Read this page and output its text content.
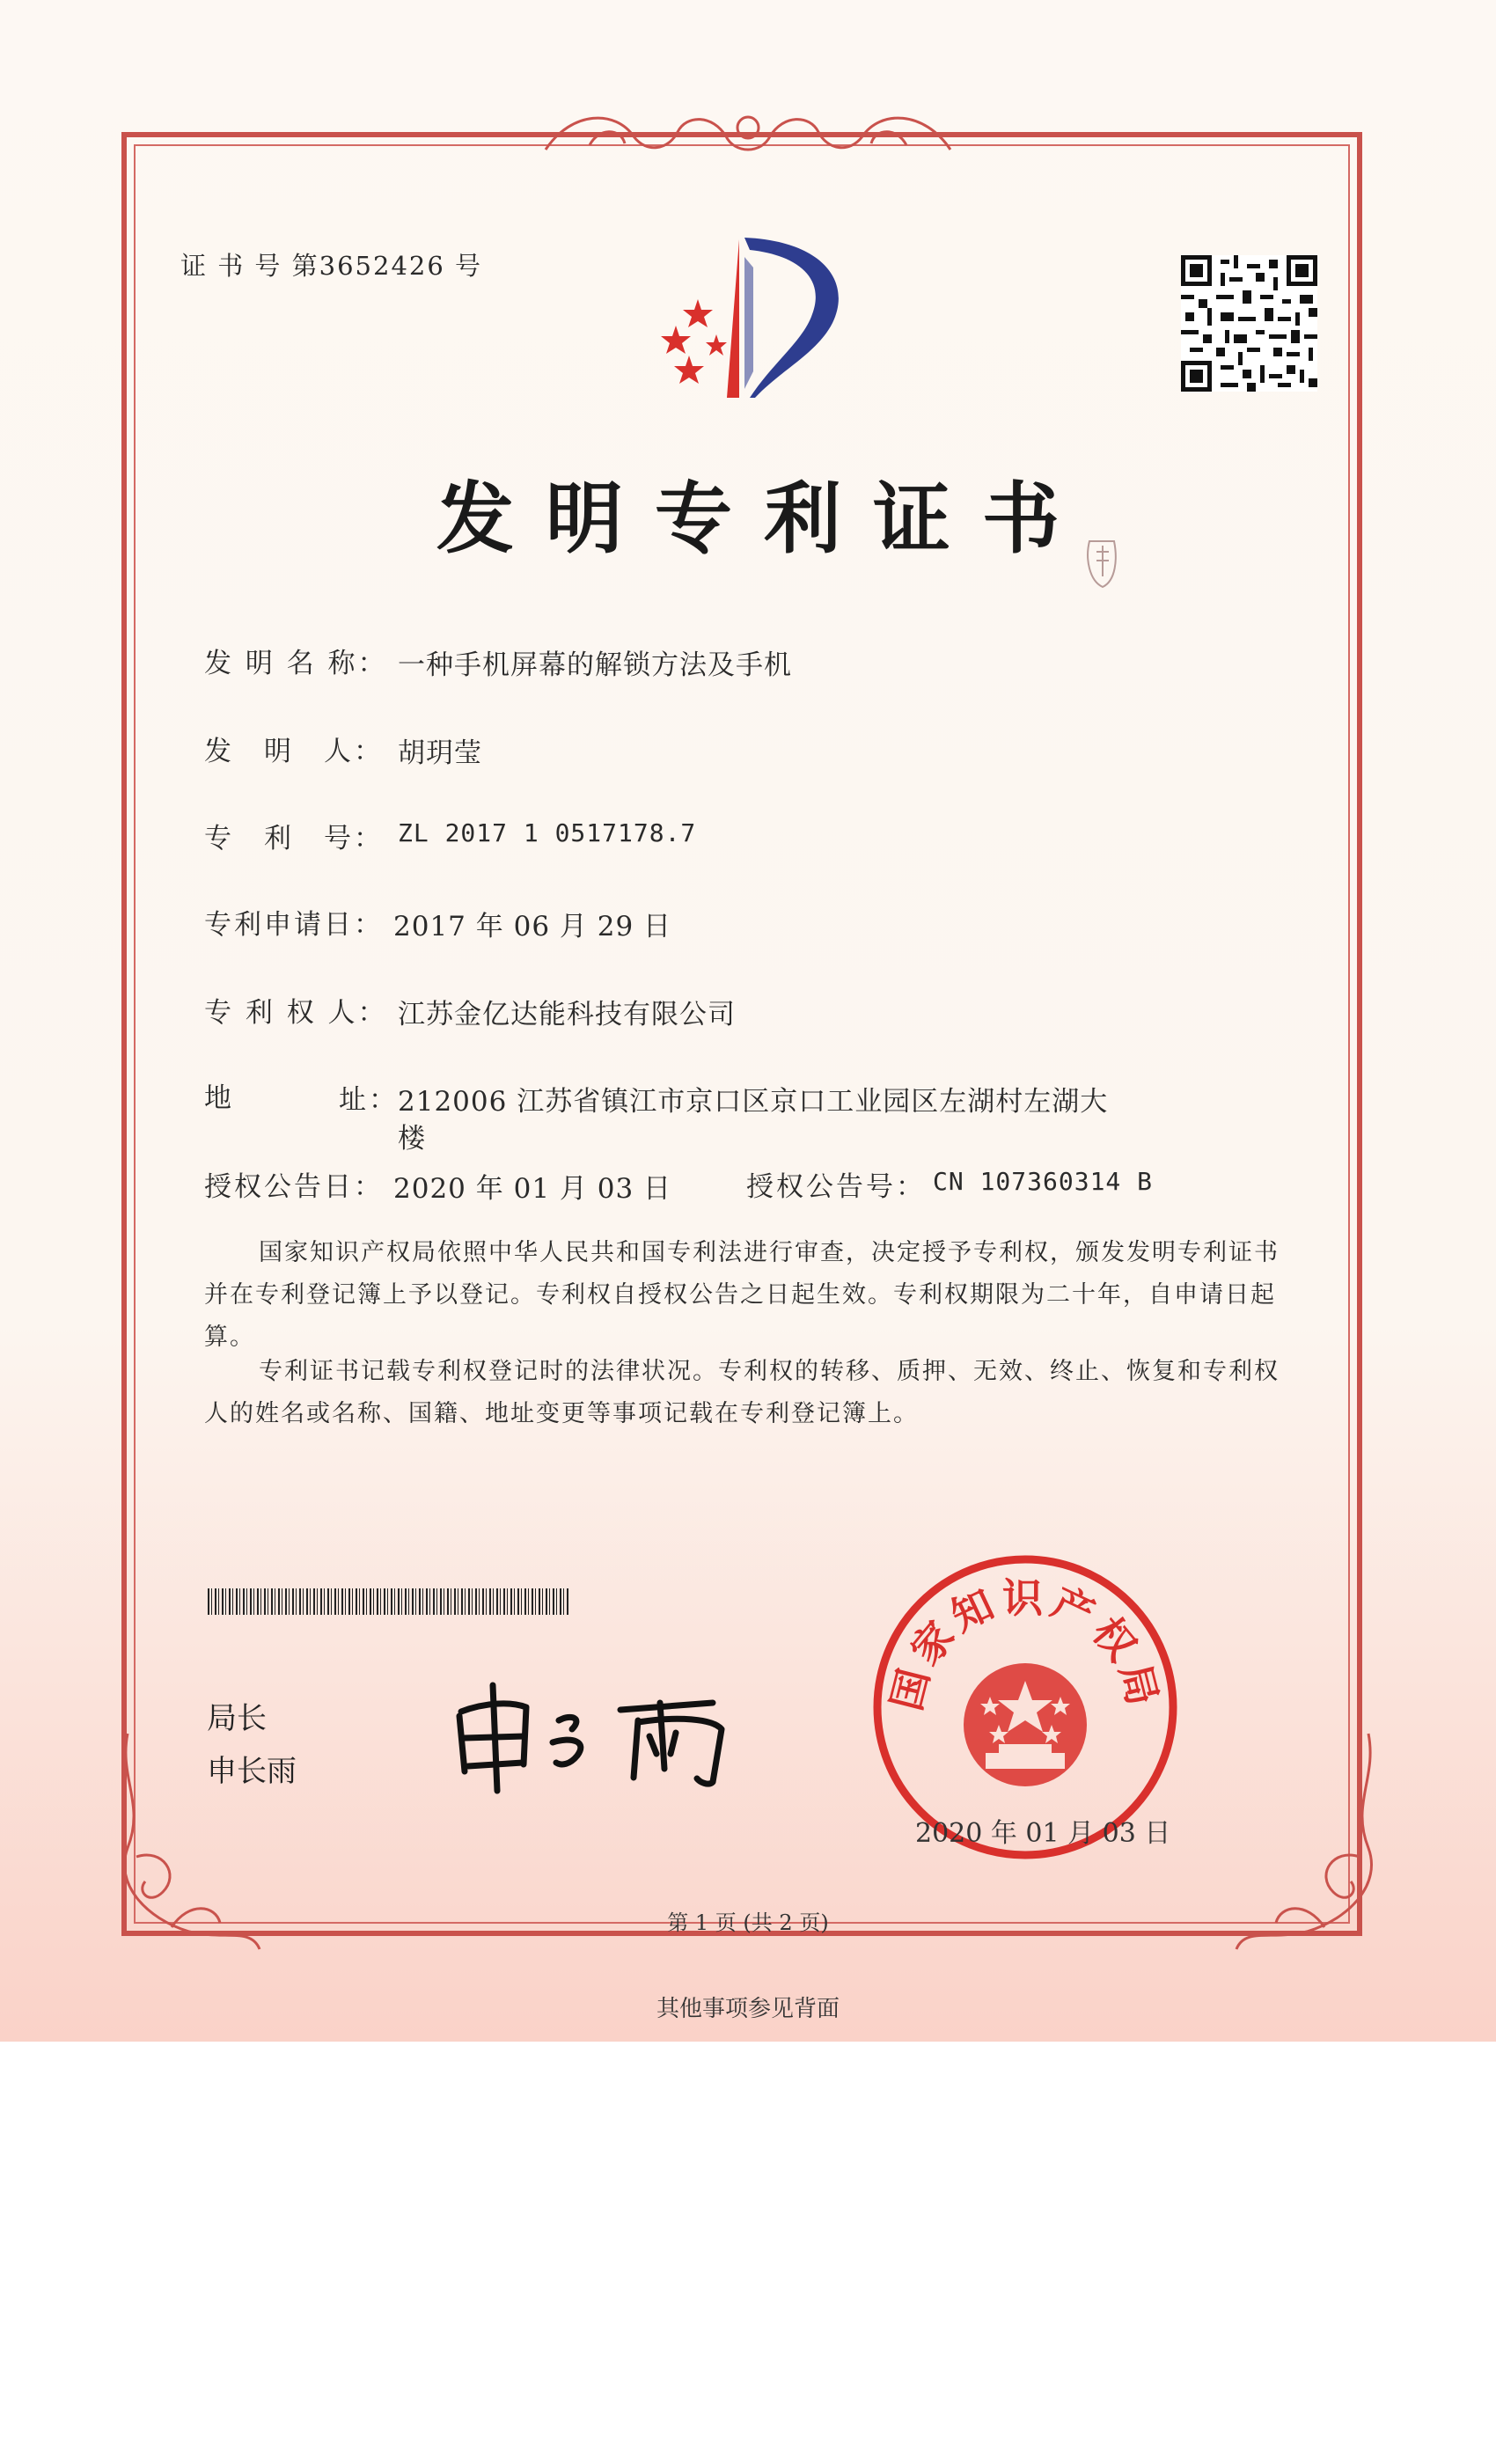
证 书 号 第3652426 号
发明专利证书
发 明 名 称： 一种手机屏幕的解锁方法及手机
发　明　人： 胡玥莹
专　利　号： ZL 2017 1 0517178.7
专利申请日： 2017 年 06 月 29 日
专 利 权 人： 江苏金亿达能科技有限公司
地	址： 212006 江苏省镇江市京口区京口工业园区左湖村左湖大
楼
授权公告日： 2020 年 01 月 03 日	授权公告号： CN 107360314 B
国家知识产权局依照中华人民共和国专利法进行审查，决定授予专利权，颁发发明专利证书并在专利登记簿上予以登记。专利权自授权公告之日起生效。专利权期限为二十年，自申请日起算。
专利证书记载专利权登记时的法律状况。专利权的转移、质押、无效、终止、恢复和专利权人的姓名或名称、国籍、地址变更等事项记载在专利登记簿上。
局长
申长雨
国家知识产权局
2020 年 01 月 03 日
第 1 页 (共 2 页)
其他事项参见背面
